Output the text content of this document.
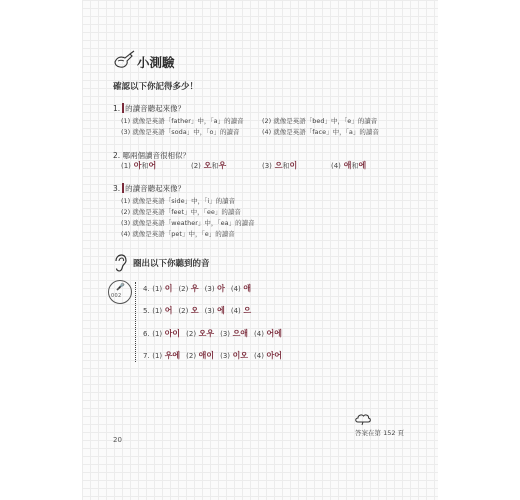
小測驗
確認以下你記得多少！
1. 的讀音聽起來像？
(1) 就像是英語「father」中，「a」的讀音	(2) 就像是英語「bed」中，「e」的讀音
(3) 就像是英語「soda」中，「o」的讀音	(4) 就像是英語「face」中，「a」的讀音
2. 哪兩個讀音很相似？
(1) 아和어	(2) 오和우	(3) 으和이	(4) 애和에
3. 的讀音聽起來像？
(1) 就像是英語「side」中，「i」的讀音
(2) 就像是英語「feet」中，「ee」的讀音
(3) 就像是英語「weather」中，「ea」的讀音
(4) 就像是英語「pet」中，「e」的讀音
圈出以下你聽到的音
🎤
002
4. (1) 이 (2) 우 (3) 아 (4) 애
5. (1) 어 (2) 오 (3) 에 (4) 으
6. (1) 아이 (2) 오우 (3) 으애 (4) 어에
7. (1) 우에 (2) 애이 (3) 이오 (4) 아어
答案在第 152 頁
20
